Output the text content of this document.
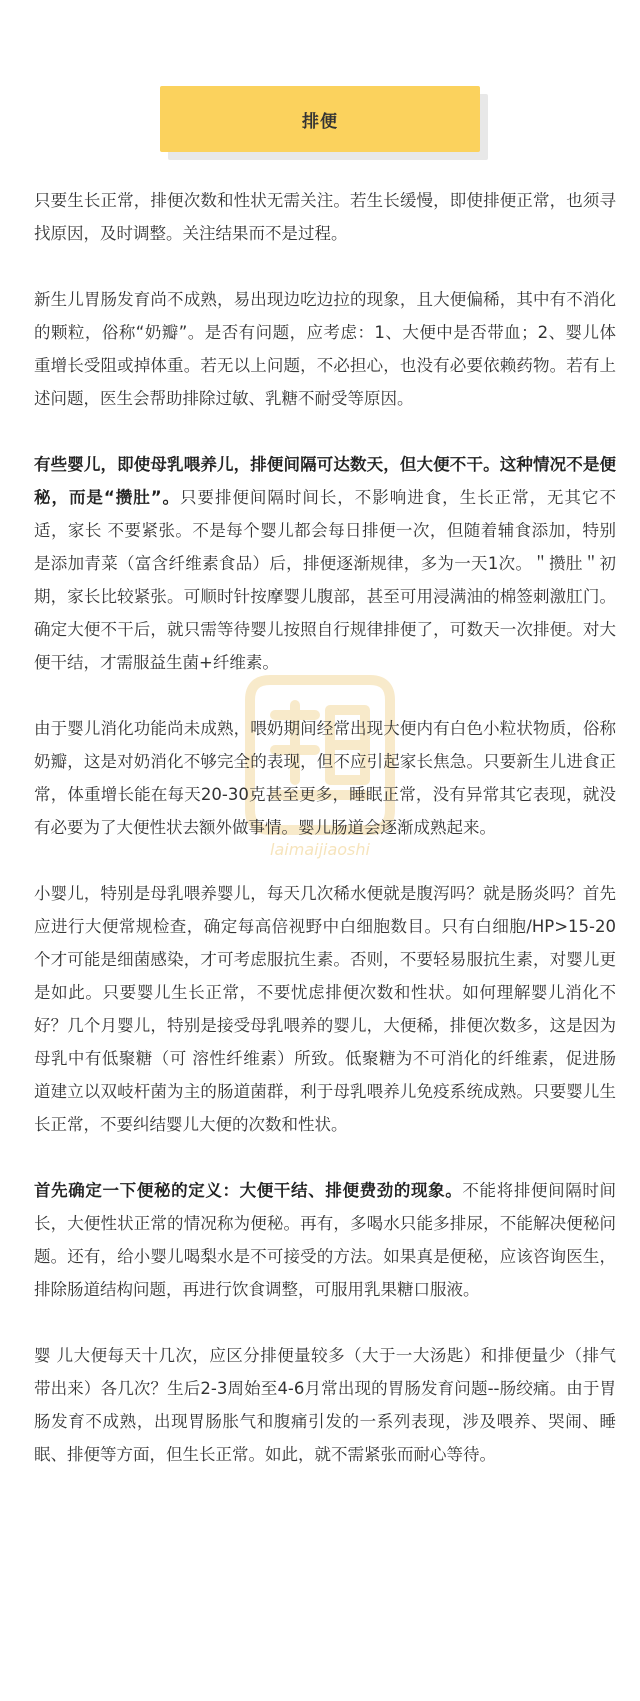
排便
laimaijiaoshi

只要生长正常，排便次数和性状无需关注。若生长缓慢，即使排便正常，也须寻找原因，及时调整。关注结果而不是过程。

新生儿胃肠发育尚不成熟，易出现边吃边拉的现象，且大便偏稀，其中有不消化的颗粒，俗称“奶瓣”。是否有问题，应考虑：1、大便中是否带血；2、婴儿体重增长受阻或掉体重。若无以上问题，不必担心，也没有必要依赖药物。若有上述问题，医生会帮助排除过敏、乳糖不耐受等原因。

有些婴儿，即使母乳喂养儿，排便间隔可达数天，但大便不干。这种情况不是便秘，而是“攒肚”。只要排便间隔时间长，不影响进食，生长正常，无其它不适，家长 不要紧张。不是每个婴儿都会每日排便一次，但随着辅食添加，特别是添加青菜（富含纤维素食品）后，排便逐渐规律，多为一天1次。＂攒肚＂初期，家长比较紧张。可顺时针按摩婴儿腹部，甚至可用浸满油的棉签刺激肛门。确定大便不干后，就只需等待婴儿按照自行规律排便了，可数天一次排便。对大便干结，才需服益生菌+纤维素。

由于婴儿消化功能尚未成熟，喂奶期间经常出现大便内有白色小粒状物质，俗称奶瓣，这是对奶消化不够完全的表现，但不应引起家长焦急。只要新生儿进食正常，体重增长能在每天20-30克甚至更多，睡眠正常，没有异常其它表现，就没有必要为了大便性状去额外做事情。婴儿肠道会逐渐成熟起来。

小婴儿，特别是母乳喂养婴儿，每天几次稀水便就是腹泻吗？就是肠炎吗？首先应进行大便常规检查，确定每高倍视野中白细胞数目。只有白细胞/HP>15-20个才可能是细菌感染，才可考虑服抗生素。否则，不要轻易服抗生素，对婴儿更是如此。只要婴儿生长正常，不要忧虑排便次数和性状。如何理解婴儿消化不好？几个月婴儿，特别是接受母乳喂养的婴儿，大便稀，排便次数多，这是因为母乳中有低聚糖（可 溶性纤维素）所致。低聚糖为不可消化的纤维素，促进肠道建立以双岐杆菌为主的肠道菌群，利于母乳喂养儿免疫系统成熟。只要婴儿生长正常，不要纠结婴儿大便的次数和性状。

首先确定一下便秘的定义：大便干结、排便费劲的现象。不能将排便间隔时间长，大便性状正常的情况称为便秘。再有，多喝水只能多排尿，不能解决便秘问题。还有，给小婴儿喝梨水是不可接受的方法。如果真是便秘，应该咨询医生，排除肠道结构问题，再进行饮食调整，可服用乳果糖口服液。

婴 儿大便每天十几次，应区分排便量较多（大于一大汤匙）和排便量少（排气带出来）各几次？生后2-3周始至4-6月常出现的胃肠发育问题--肠绞痛。由于胃肠发育不成熟，出现胃肠胀气和腹痛引发的一系列表现，涉及喂养、哭闹、睡眠、排便等方面，但生长正常。如此，就不需紧张而耐心等待。
